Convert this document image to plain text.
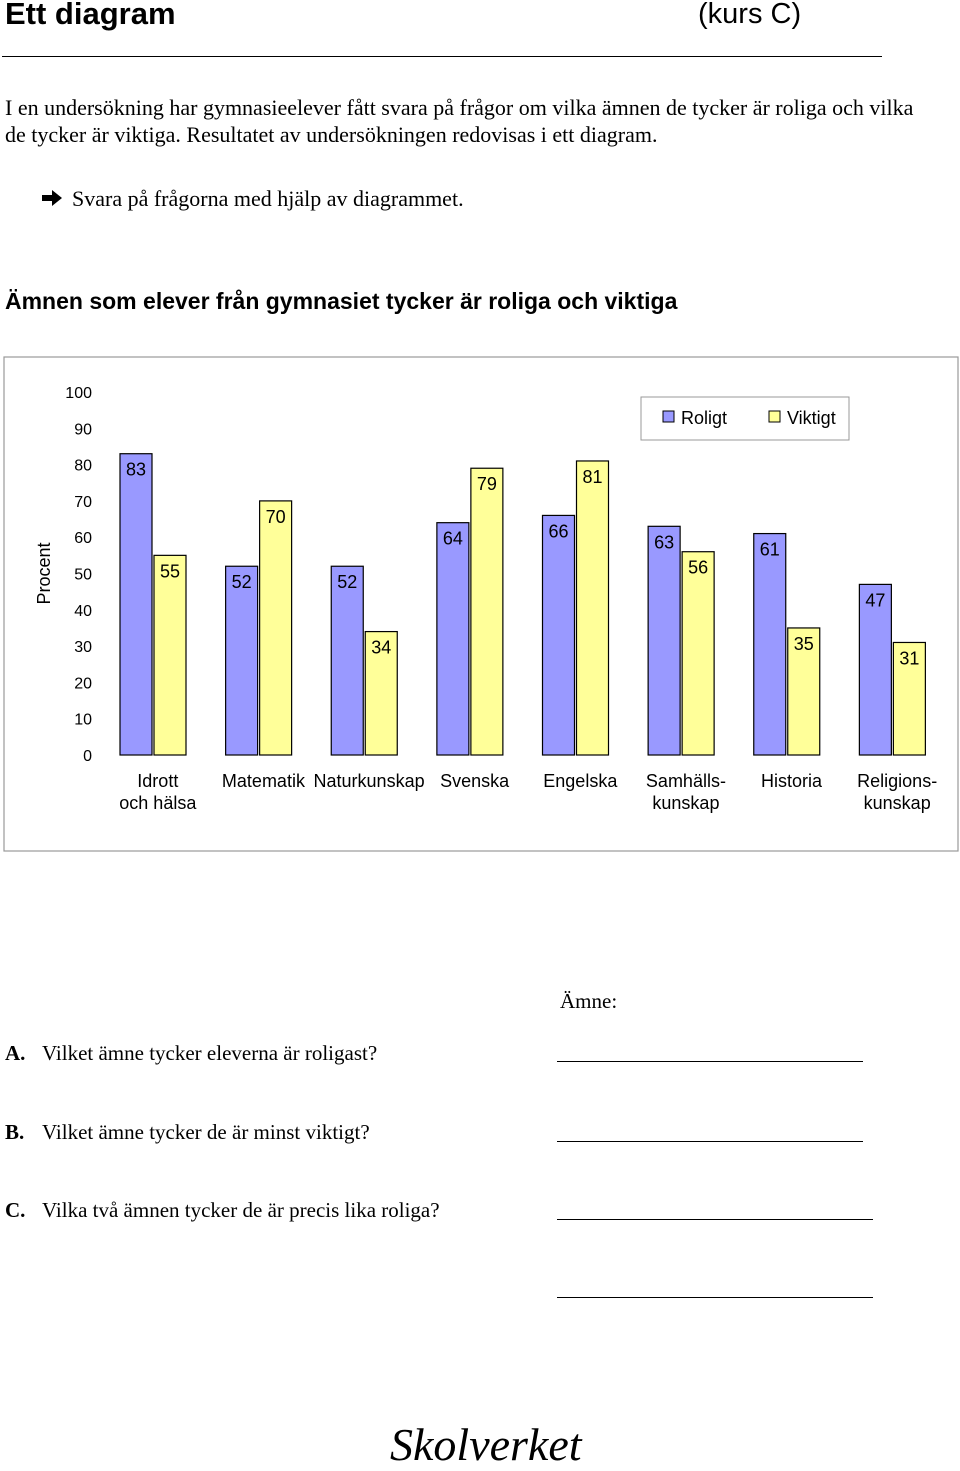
Ett diagram	(kurs C)
I en undersökning har gymnasieelever fått svara på frågor om vilka ämnen de tycker är roliga och vilka de tycker är viktiga. Resultatet av undersökningen redovisas i ett diagram.
Svara på frågorna med hjälp av diagrammet.
Ämnen som elever från gymnasiet tycker är roliga och viktiga
0
10
20
30
40
50
60
70
80
90
100
Procent
83
55
Idrott
och hälsa
52
70
Matematik
52
34
Naturkunskap
64
79
Svenska
66
81
Engelska
63
56
Samhälls-
kunskap
61
35
Historia
47
31
Religions-
kunskap
Roligt	Viktigt
Ämne:
A. Vilket ämne tycker eleverna är roligast?
B. Vilket ämne tycker de är minst viktigt?
C. Vilka två ämnen tycker de är precis lika roliga?
Skolverket
